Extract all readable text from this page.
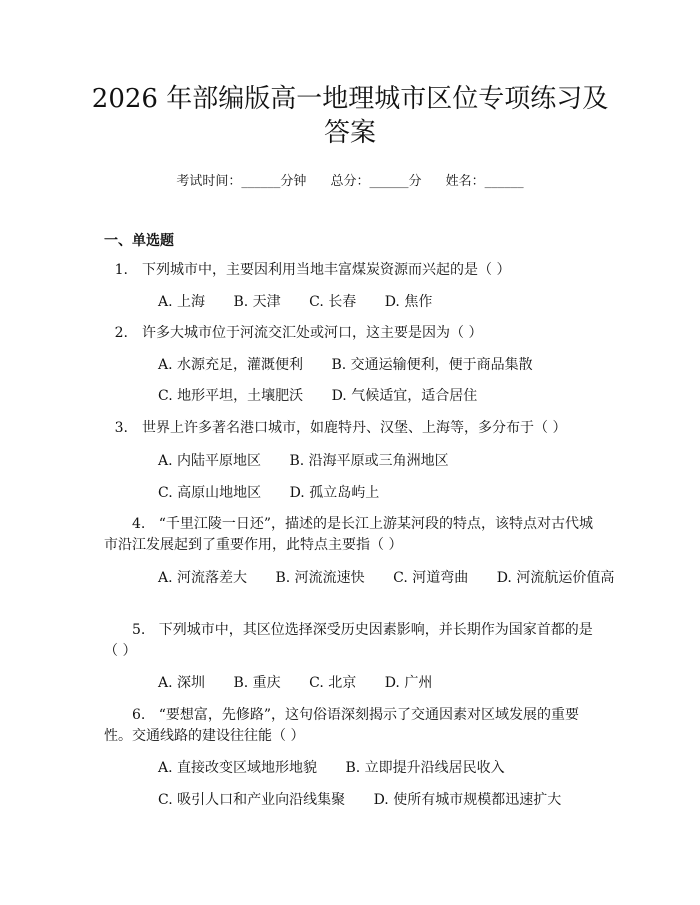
2026 年部编版高一地理城市区位专项练习及答案
考试时间：______分钟 总分：______分 姓名：______
一、单选题
1. 下列城市中，主要因利用当地丰富煤炭资源而兴起的是（ ）
A. 上海 B. 天津 C. 长春 D. 焦作
2. 许多大城市位于河流交汇处或河口，这主要是因为（ ）
A. 水源充足，灌溉便利 B. 交通运输便利，便于商品集散
C. 地形平坦，土壤肥沃 D. 气候适宜，适合居住
3. 世界上许多著名港口城市，如鹿特丹、汉堡、上海等，多分布于（ ）
A. 内陆平原地区 B. 沿海平原或三角洲地区
C. 高原山地地区 D. 孤立岛屿上
4. “千里江陵一日还”，描述的是长江上游某河段的特点，该特点对古代城市沿江发展起到了重要作用，此特点主要指（ ）
A. 河流落差大 B. 河流流速快 C. 河道弯曲 D. 河流航运价值高
5. 下列城市中，其区位选择深受历史因素影响，并长期作为国家首都的是（ ）
A. 深圳 B. 重庆 C. 北京 D. 广州
6. “要想富，先修路”，这句俗语深刻揭示了交通因素对区域发展的重要性。交通线路的建设往往能（ ）
A. 直接改变区域地形地貌 B. 立即提升沿线居民收入
C. 吸引人口和产业向沿线集聚 D. 使所有城市规模都迅速扩大
